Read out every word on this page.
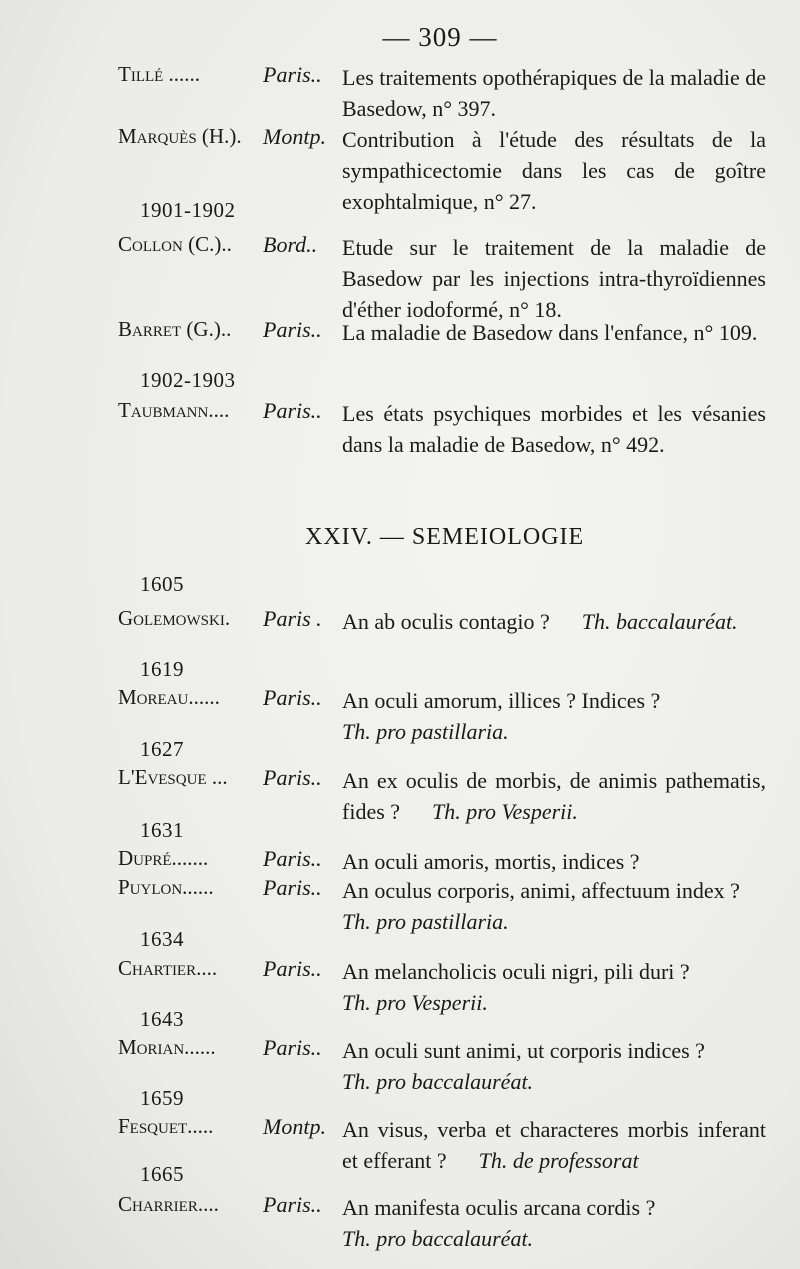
— 309 —
Tillé ......	Paris.. Les traitements opothérapiques de la maladie de Basedow, n° 397.
Marquès (H.). Montp. Contribution à l'étude des résultats de la sympathicectomie dans les cas de goître exophtalmique, n° 27.
1901-1902
Collon (C.).. Bord.. Etude sur le traitement de la maladie de Basedow par les injections intra-thyroïdiennes d'éther iodoformé, n° 18.
Barret (G.).. Paris.. La maladie de Basedow dans l'enfance, n° 109.
1902-1903
Taubmann.... Paris.. Les états psychiques morbides et les vésanies dans la maladie de Basedow, n° 492.
XXIV. — SEMEIOLOGIE
1605
Golemowski. Paris . An ab oculis contagio ? Th. baccalauréat.
1619
Moreau...... Paris.. An oculi amorum, illices ? Indices ?
Th. pro pastillaria.
1627
L'Evesque ... Paris.. An ex oculis de morbis, de animis pathematis, fides ? Th. pro Vesperii.
1631
Dupré....... Paris.. An oculi amoris, mortis, indices ?
Puylon...... Paris.. An oculus corporis, animi, affectuum index ?
Th. pro pastillaria.
1634
Chartier.... Paris.. An melancholicis oculi nigri, pili duri ?
Th. pro Vesperii.
1643
Morian...... Paris.. An oculi sunt animi, ut corporis indices ?
Th. pro baccalauréat.
1659
Fesquet..... Montp. An visus, verba et characteres morbis inferant et efferant ? Th. de professorat
1665
Charrier.... Paris.. An manifesta oculis arcana cordis ?
Th. pro baccalauréat.
